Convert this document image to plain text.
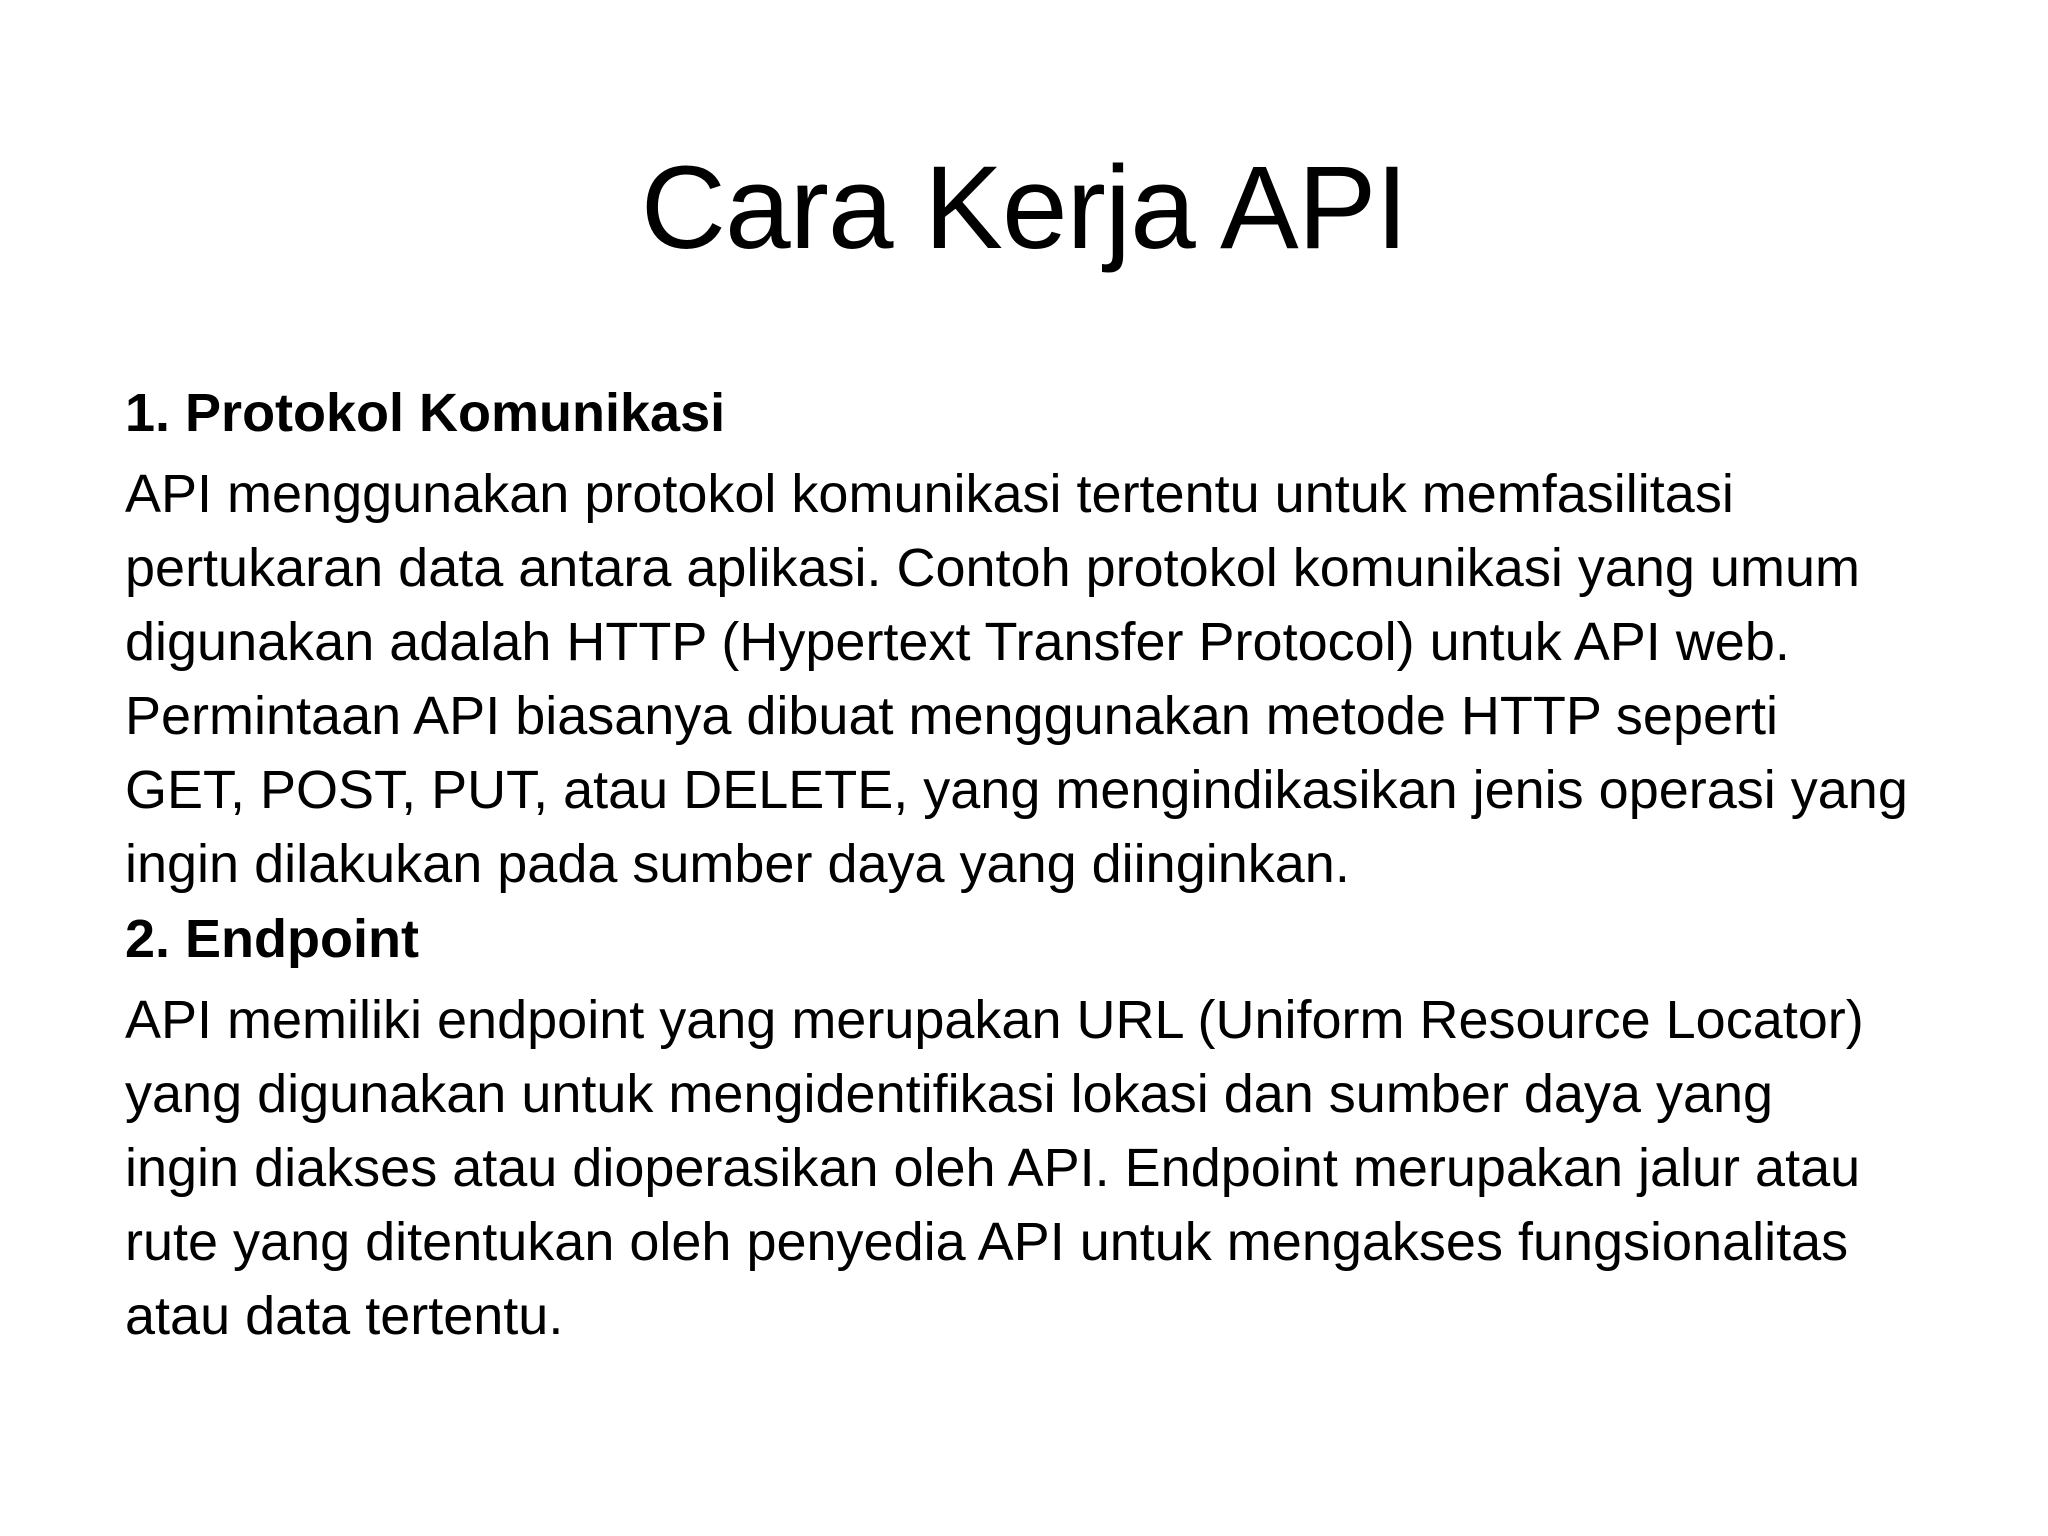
Cara Kerja API

1. Protokol Komunikasi

API menggunakan protokol komunikasi tertentu untuk memfasilitasi
pertukaran data antara aplikasi. Contoh protokol komunikasi yang umum
digunakan adalah HTTP (Hypertext Transfer Protocol) untuk API web.
Permintaan API biasanya dibuat menggunakan metode HTTP seperti
GET, POST, PUT, atau DELETE, yang mengindikasikan jenis operasi yang
ingin dilakukan pada sumber daya yang diinginkan.

2. Endpoint

API memiliki endpoint yang merupakan URL (Uniform Resource Locator)
yang digunakan untuk mengidentifikasi lokasi dan sumber daya yang
ingin diakses atau dioperasikan oleh API. Endpoint merupakan jalur atau
rute yang ditentukan oleh penyedia API untuk mengakses fungsionalitas
atau data tertentu.
